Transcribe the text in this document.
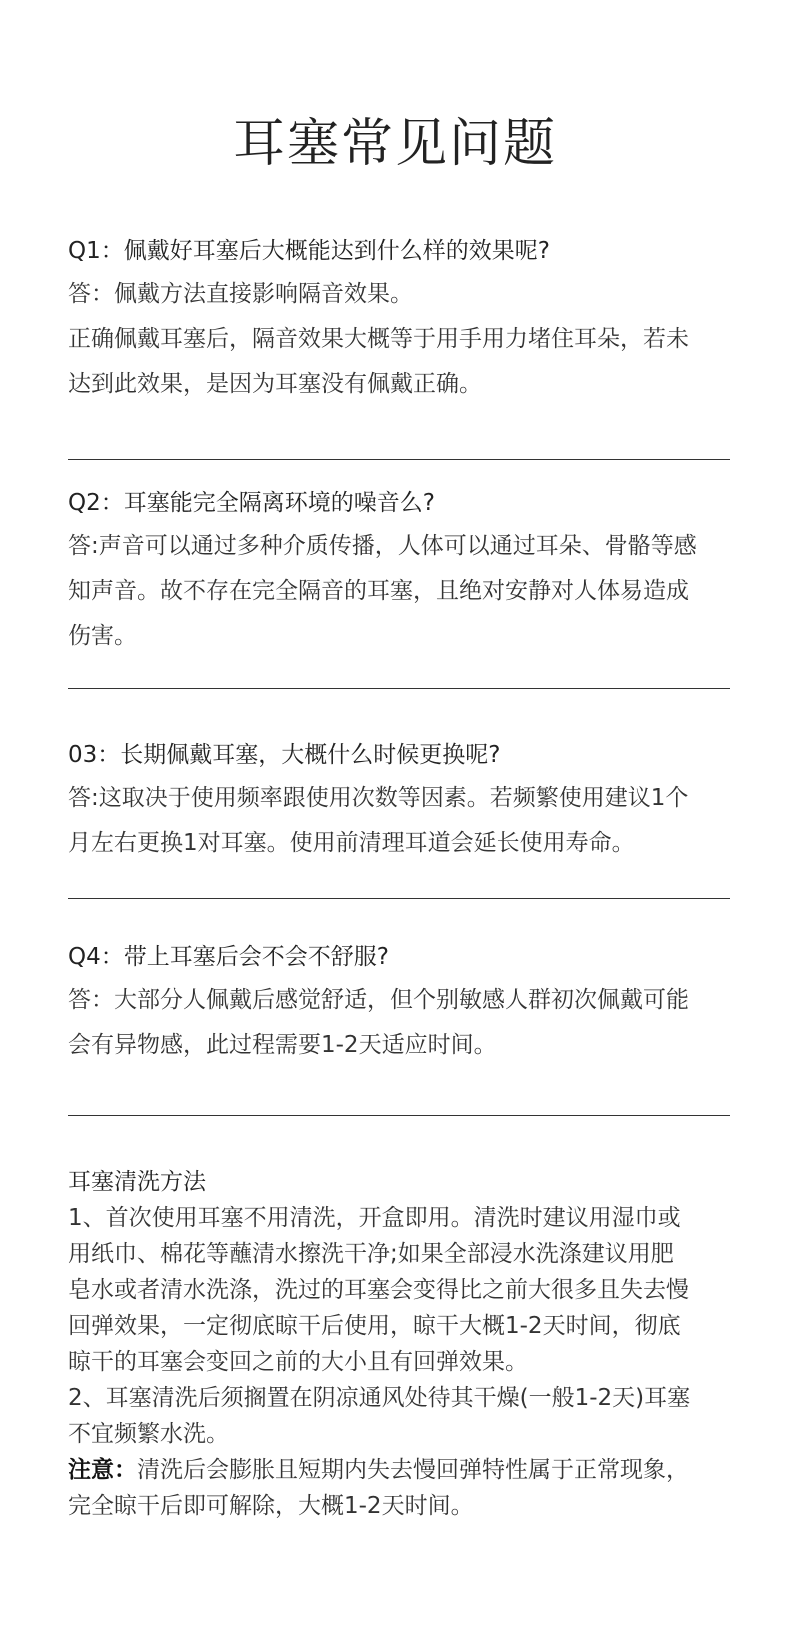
耳塞常见问题
Q1：佩戴好耳塞后大概能达到什么样的效果呢?

答：佩戴方法直接影响隔音效果。

正确佩戴耳塞后，隔音效果大概等于用手用力堵住耳朵，若未

达到此效果，是因为耳塞没有佩戴正确。

Q2：耳塞能完全隔离环境的噪音么?

答:声音可以通过多种介质传播，人体可以通过耳朵、骨骼等感

知声音。故不存在完全隔音的耳塞，且绝对安静对人体易造成

伤害。

03：长期佩戴耳塞，大概什么时候更换呢?

答:这取决于使用频率跟使用次数等因素。若频繁使用建议1个

月左右更换1对耳塞。使用前清理耳道会延长使用寿命。

Q4：带上耳塞后会不会不舒服?

答：大部分人佩戴后感觉舒适，但个别敏感人群初次佩戴可能

会有异物感，此过程需要1-2天适应时间。

耳塞清洗方法

1、首次使用耳塞不用清洗，开盒即用。清洗时建议用湿巾或

用纸巾、棉花等蘸清水擦洗干净;如果全部浸水洗涤建议用肥

皂水或者清水洗涤，洗过的耳塞会变得比之前大很多且失去慢

回弹效果，一定彻底晾干后使用，晾干大概1-2天时间，彻底

晾干的耳塞会变回之前的大小且有回弹效果。

2、耳塞清洗后须搁置在阴凉通风处待其干燥(一般1-2天)耳塞

不宜频繁水洗。

注意：清洗后会膨胀且短期内失去慢回弹特性属于正常现象，

完全晾干后即可解除，大概1-2天时间。
